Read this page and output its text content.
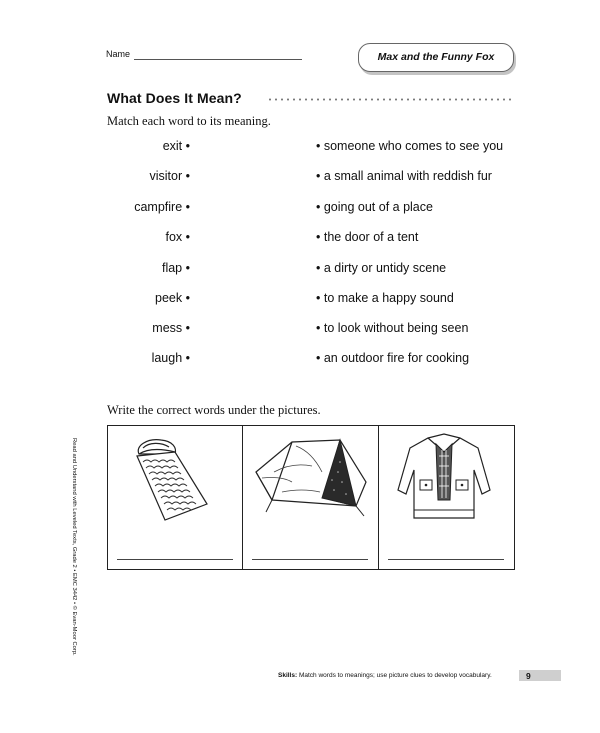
Name	Max and the Funny Fox
What Does It Mean?
Match each word to its meaning.
exit •
visitor •
campfire •
fox •
flap •
peek •
mess •
laugh •
• someone who comes to see you
• a small animal with reddish fur
• going out of a place
• the door of a tent
• a dirty or untidy scene
• to make a happy sound
• to look without being seen
• an outdoor fire for cooking
Write the correct words under the pictures.
Read and Understand with Leveled Texts, Grade 2 • EMC 3442 • © Evan-Moor Corp.
Skills: Match words to meanings; use picture clues to develop vocabulary.	9
